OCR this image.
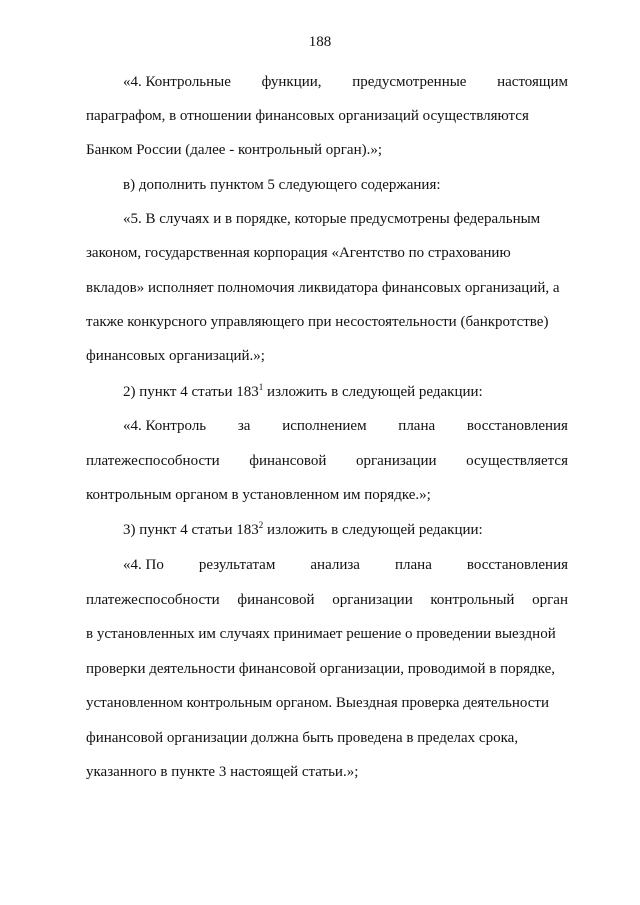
188
«4. Контрольные функции, предусмотренные настоящим
параграфом, в отношении финансовых организаций осуществляются
Банком России (далее - контрольный орган).»;
в) дополнить пунктом 5 следующего содержания:
«5. В случаях и в порядке, которые предусмотрены федеральным
законом, государственная корпорация «Агентство по страхованию
вкладов» исполняет полномочия ликвидатора финансовых организаций, а
также конкурсного управляющего при несостоятельности (банкротстве)
финансовых организаций.»;
2) пункт 4 статьи $183^1$ изложить в следующей редакции:
«4. Контроль за исполнением плана восстановления
платежеспособности финансовой организации осуществляется
контрольным органом в установленном им порядке.»;
3) пункт 4 статьи $183^2$ изложить в следующей редакции:
«4. По результатам анализа плана восстановления
платежеспособности финансовой организации контрольный орган
в установленных им случаях принимает решение о проведении выездной
проверки деятельности финансовой организации, проводимой в порядке,
установленном контрольным органом. Выездная проверка деятельности
финансовой организации должна быть проведена в пределах срока,
указанного в пункте 3 настоящей статьи.»;
